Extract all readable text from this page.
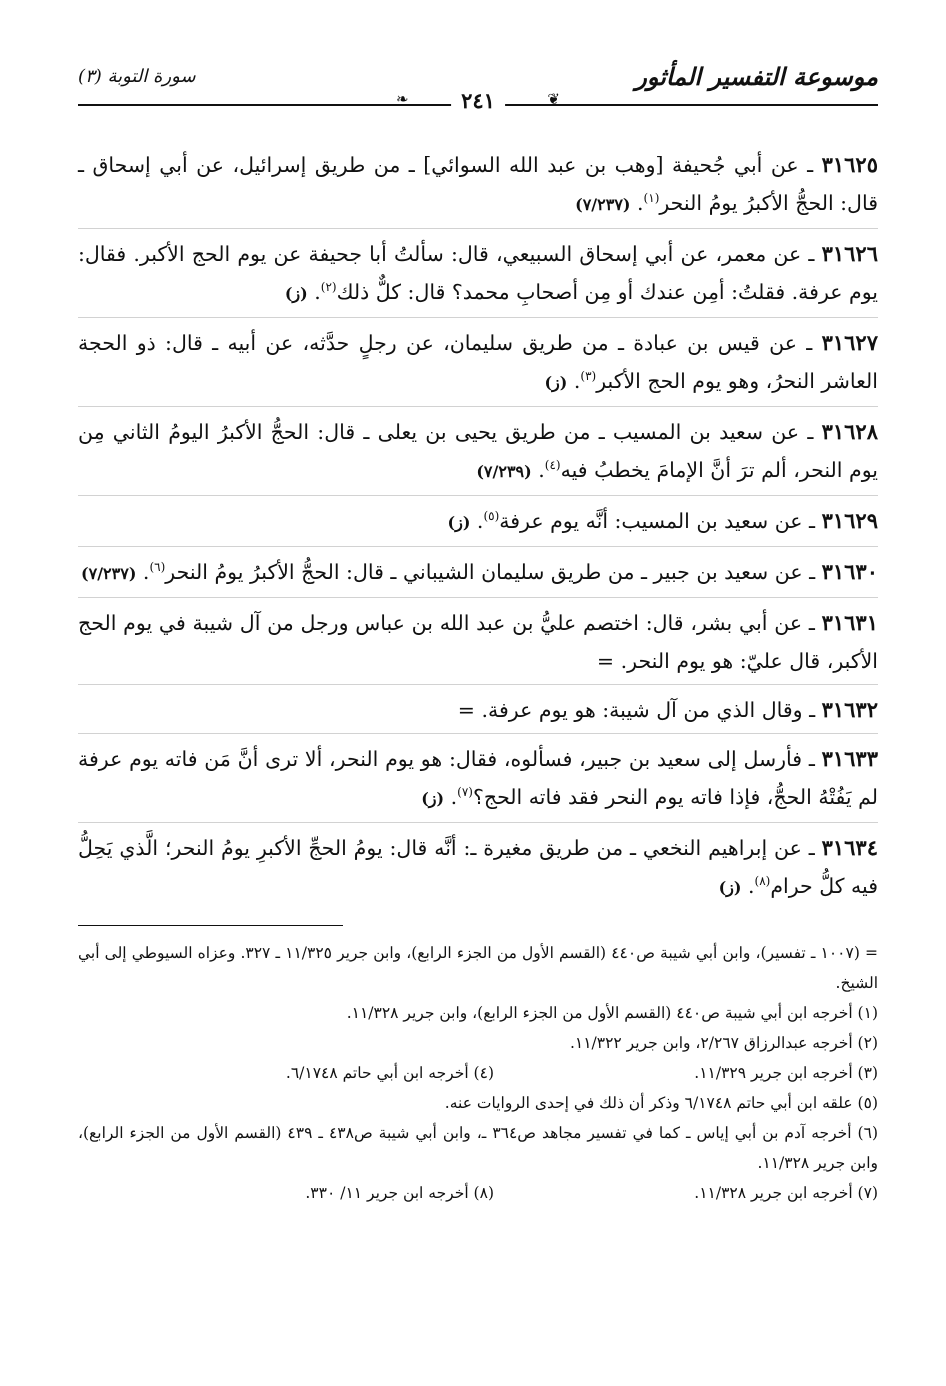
موسوعة التفسير المأثور
سورة التوبة (٣)
❦
٢٤١
❧

٣١٦٢٥ ـ عن أبي جُحيفة [وهب بن عبد الله السوائي] ـ من طريق إسرائيل، عن أبي إسحاق ـ قال: الحجُّ الأكبرُ يومُ النحر$^{(١)}$. (٧/٢٣٧)

٣١٦٢٦ ـ عن معمر، عن أبي إسحاق السبيعي، قال: سألتُ أبا جحيفة عن يوم الحج الأكبر. فقال: يوم عرفة. فقلتُ: أمِن عندك أو مِن أصحابِ محمد؟ قال: كلٌّ ذلك$^{(٢)}$. (ز)

٣١٦٢٧ ـ عن قيس بن عبادة ـ من طريق سليمان، عن رجلٍ حدَّثه، عن أبيه ـ قال: ذو الحجة العاشر النحرُ، وهو يوم الحج الأكبر$^{(٣)}$. (ز)

٣١٦٢٨ ـ عن سعيد بن المسيب ـ من طريق يحيى بن يعلى ـ قال: الحجُّ الأكبرُ اليومُ الثاني مِن يوم النحر، ألم ترَ أنَّ الإمامَ يخطبُ فيه$^{(٤)}$. (٧/٢٣٩)

٣١٦٢٩ ـ عن سعيد بن المسيب: أنَّه يوم عرفة$^{(٥)}$. (ز)

٣١٦٣٠ ـ عن سعيد بن جبير ـ من طريق سليمان الشيباني ـ قال: الحجُّ الأكبرُ يومُ النحر$^{(٦)}$. (٧/٢٣٧)

٣١٦٣١ ـ عن أبي بشر، قال: اختصم عليُّ بن عبد الله بن عباس ورجل من آل شيبة في يوم الحج الأكبر، قال عليّ: هو يوم النحر. =

٣١٦٣٢ ـ وقال الذي من آل شيبة: هو يوم عرفة. =

٣١٦٣٣ ـ فأرسل إلى سعيد بن جبير، فسألوه، فقال: هو يوم النحر، ألا ترى أنَّ مَن فاته يوم عرفة لم يَفُتْهُ الحجُّ، فإذا فاته يوم النحر فقد فاته الحج؟$^{(٧)}$. (ز)

٣١٦٣٤ ـ عن إبراهيم النخعي ـ من طريق مغيرة ـ: أنَّه قال: يومُ الحجِّ الأكبرِ يومُ النحر؛ الَّذي يَحِلُّ فيه كلُّ حرام$^{(٨)}$. (ز)

= (١٠٠٧ ـ تفسير)، وابن أبي شيبة ص٤٤٠ (القسم الأول من الجزء الرابع)، وابن جرير ١١/٣٢٥ ـ ٣٢٧. وعزاه السيوطي إلى أبي الشيخ.

(١) أخرجه ابن أبي شيبة ص٤٤٠ (القسم الأول من الجزء الرابع)، وابن جرير ١١/٣٢٨.

(٢) أخرجه عبدالرزاق ٢/٢٦٧، وابن جرير ١١/٣٢٢.

(٣) أخرجه ابن جرير ١١/٣٢٩.

(٤) أخرجه ابن أبي حاتم ٦/١٧٤٨.

(٥) علقه ابن أبي حاتم ٦/١٧٤٨ وذكر أن ذلك في إحدى الروايات عنه.

(٦) أخرجه آدم بن أبي إياس ـ كما في تفسير مجاهد ص٣٦٤ ـ، وابن أبي شيبة ص٤٣٨ ـ ٤٣٩ (القسم الأول من الجزء الرابع)، وابن جرير ١١/٣٢٨.

(٧) أخرجه ابن جرير ١١/٣٢٨.

(٨) أخرجه ابن جرير ١١/ ٣٣٠.
